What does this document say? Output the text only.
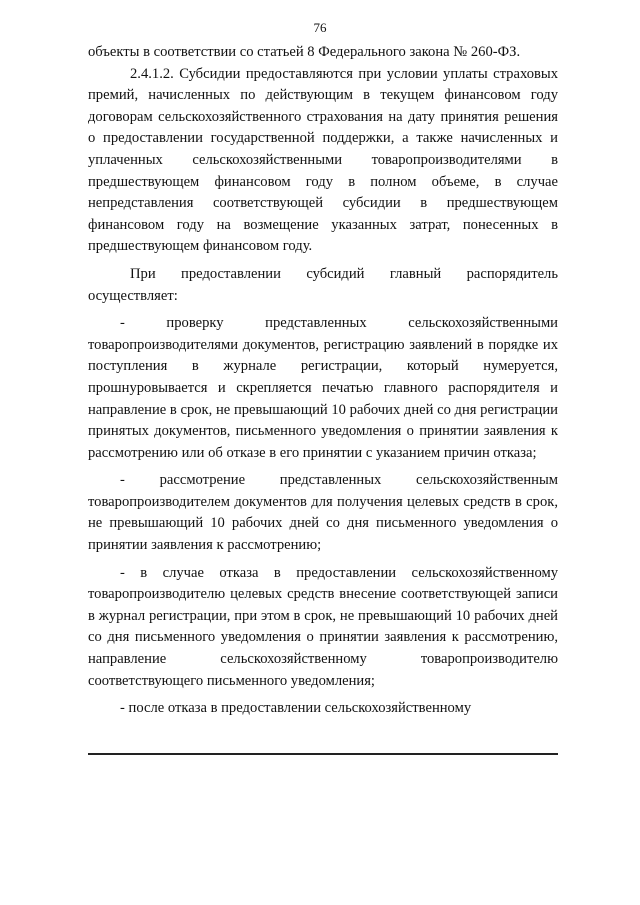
76

объекты в соответствии со статьей 8 Федерального закона № 260-ФЗ.

2.4.1.2. Субсидии предоставляются при условии уплаты страховых премий, начисленных по действующим в текущем финансовом году договорам сельскохозяйственного страхования на дату принятия решения о предоставлении государственной поддержки, а также начисленных и уплаченных сельскохозяйственными товаропроизводителями в предшествующем финансовом году в полном объеме, в случае непредставления соответствующей субсидии в предшествующем финансовом году на возмещение указанных затрат, понесенных в предшествующем финансовом году.

При предоставлении субсидий главный распорядитель осуществляет:

- проверку представленных сельскохозяйственными товаропроизводителями документов, регистрацию заявлений в порядке их поступления в журнале регистрации, который нумеруется, прошнуровывается и скрепляется печатью главного распорядителя и направление в срок, не превышающий 10 рабочих дней со дня регистрации принятых документов, письменного уведомления о принятии заявления к рассмотрению или об отказе в его принятии с указанием причин отказа;

- рассмотрение представленных сельскохозяйственным товаропроизводителем документов для получения целевых средств в срок, не превышающий 10 рабочих дней со дня письменного уведомления о принятии заявления к рассмотрению;

- в случае отказа в предоставлении сельскохозяйственному товаропроизводителю целевых средств внесение соответствующей записи в журнал регистрации, при этом в срок, не превышающий 10 рабочих дней со дня письменного уведомления о принятии заявления к рассмотрению, направление сельскохозяйственному товаропроизводителю соответствующего письменного уведомления;

- после отказа в предоставлении сельскохозяйственному
